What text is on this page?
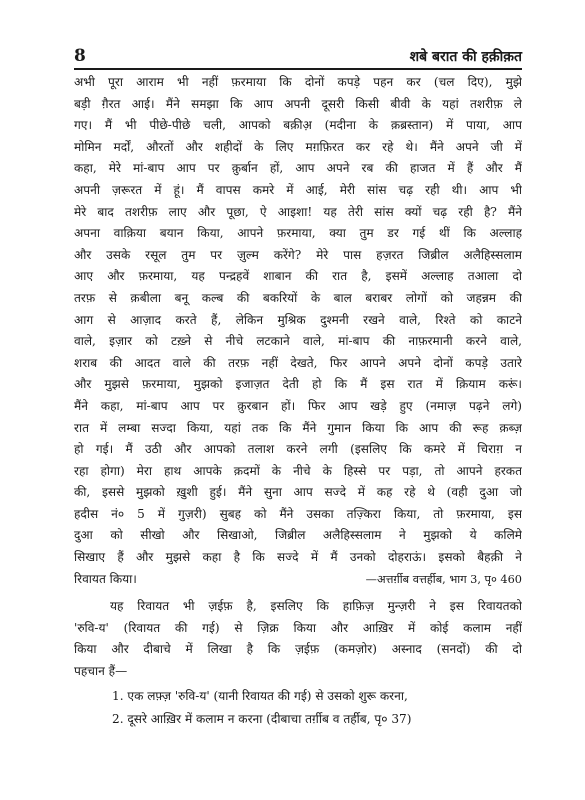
8	शबे बरात की हक़ीक़त
अभी पूरा आराम भी नहीं फ़रमाया कि दोनों कपड़े पहन कर (चल दिए), मुझे
बड़ी ग़ैरत आई। मैंने समझा कि आप अपनी दूसरी किसी बीवी के यहां तशरीफ़ ले
गए। मैं भी पीछे-पीछे चली, आपको बक़ीअ़ (मदीना के क़ब्रस्तान) में पाया, आप
मोमिन मर्दों, औरतों और शहीदों के लिए मग़फ़िरत कर रहे थे। मैंने अपने जी में
कहा, मेरे मां-बाप आप पर क़ुर्बान हों, आप अपने रब की हाजत में हैं और मैं
अपनी ज़रूरत में हूं। मैं वापस कमरे में आई, मेरी सांस चढ़ रही थी। आप भी
मेरे बाद तशरीफ़ लाए और पूछा, ऐ आइशा! यह तेरी सांस क्यों चढ़ रही है? मैंने
अपना वाक़िया बयान किया, आपने फ़रमाया, क्या तुम डर गई थीं कि अल्लाह
और उसके रसूल तुम पर ज़ुल्म करेंगे? मेरे पास हज़रत जिब्रील अलैहिस्सलाम
आए और फ़रमाया, यह पन्द्रहवें शाबान की रात है, इसमें अल्लाह तआला दो
तरफ़ से क़बीला बनू कल्ब की बकरियों के बाल बराबर लोगों को जहन्नम की
आग से आज़ाद करते हैं, लेकिन मुश्रिक दुश्मनी रखने वाले, रिश्ते को काटने
वाले, इज़ार को टख़्ने से नीचे लटकाने वाले, मां-बाप की नाफ़रमानी करने वाले,
शराब की आदत वाले की तरफ़ नहीं देखते, फिर आपने अपने दोनों कपड़े उतारे
और मुझसे फ़रमाया, मुझको इजाज़त देती हो कि मैं इस रात में क़ियाम करूं।
मैंने कहा, मां-बाप आप पर क़ुरबान हों। फिर आप खड़े हुए (नमाज़ पढ़ने लगे)
रात में लम्बा सज्दा किया, यहां तक कि मैंने गुमान किया कि आप की रूह क़ब्ज़
हो गई। मैं उठी और आपको तलाश करने लगी (इसलिए कि कमरे में चिराग़ न
रहा होगा) मेरा हाथ आपके क़दमों के नीचे के हिस्से पर पड़ा, तो आपने हरकत
की, इससे मुझको ख़ुशी हुई। मैंने सुना आप सज्दे में कह रहे थे (वही दुआ जो
हदीस नं० 5 में गुज़री) सुबह को मैंने उसका तज़्किरा किया, तो फ़रमाया, इस
दुआ को सीखो और सिखाओ, जिब्रील अलैहिस्सलाम ने मुझको ये कलिमे
सिखाए हैं और मुझसे कहा है कि सज्दे में मैं उनको दोहराऊं। इसको बैहक़ी ने
रिवायत किया।	—अत्तर्ग़ीब वत्तर्हीब, भाग 3, पृ० 460
यह रिवायत भी ज़ईफ़ है, इसलिए कि हाफ़िज़ मुन्ज़री ने इस रिवायतको
'रुवि-य' (रिवायत की गई) से ज़िक्र किया और आख़िर में कोई कलाम नहीं
किया और दीबाचे में लिखा है कि ज़ईफ़ (कमज़ोर) अस्नाद (सनदों) की दो
पहचान हैं—
1. एक लफ़्ज़ 'रुवि-य' (यानी रिवायत की गई) से उसको शुरू करना,
2. दूसरे आख़िर में कलाम न करना (दीबाचा तर्ग़ीब व तर्हीब, पृ० 37)
